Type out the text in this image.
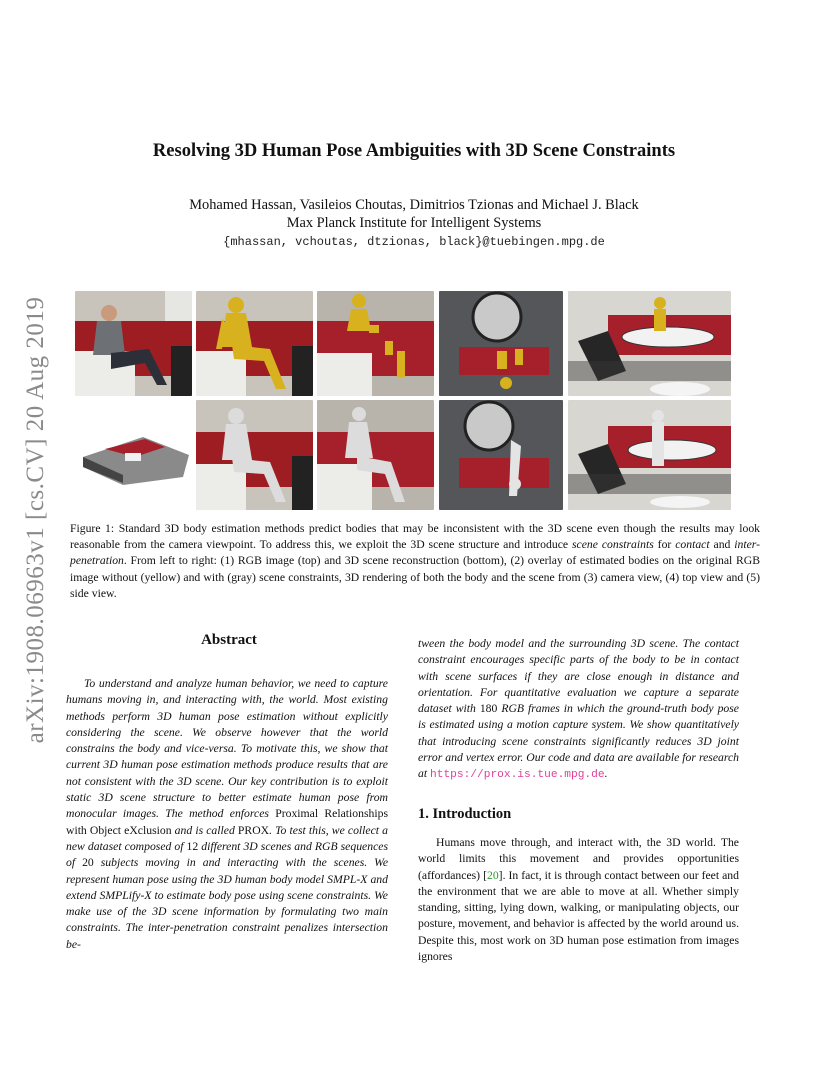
arXiv:1908.06963v1 [cs.CV] 20 Aug 2019
Resolving 3D Human Pose Ambiguities with 3D Scene Constraints
Mohamed Hassan, Vasileios Choutas, Dimitrios Tzionas and Michael J. Black
Max Planck Institute for Intelligent Systems
{mhassan, vchoutas, dtzionas, black}@tuebingen.mpg.de
Figure 1: Standard 3D body estimation methods predict bodies that may be inconsistent with the 3D scene even though the results may look reasonable from the camera viewpoint. To address this, we exploit the 3D scene structure and introduce scene constraints for contact and inter-penetration. From left to right: (1) RGB image (top) and 3D scene reconstruction (bottom), (2) overlay of estimated bodies on the original RGB image without (yellow) and with (gray) scene constraints, 3D rendering of both the body and the scene from (3) camera view, (4) top view and (5) side view.
Abstract
To understand and analyze human behavior, we need to capture humans moving in, and interacting with, the world. Most existing methods perform 3D human pose estimation without explicitly considering the scene. We observe however that the world constrains the body and vice-versa. To motivate this, we show that current 3D human pose estimation methods produce results that are not consistent with the 3D scene. Our key contribution is to exploit static 3D scene structure to better estimate human pose from monocular images. The method enforces Proximal Relationships with Object eXclusion and is called PROX. To test this, we collect a new dataset composed of 12 different 3D scenes and RGB sequences of 20 subjects moving in and interacting with the scenes. We represent human pose using the 3D human body model SMPL-X and extend SMPLify-X to estimate body pose using scene constraints. We make use of the 3D scene information by formulating two main constraints. The inter-penetration constraint penalizes intersection be-
tween the body model and the surrounding 3D scene. The contact constraint encourages specific parts of the body to be in contact with scene surfaces if they are close enough in distance and orientation. For quantitative evaluation we capture a separate dataset with 180 RGB frames in which the ground-truth body pose is estimated using a motion capture system. We show quantitatively that introducing scene constraints significantly reduces 3D joint error and vertex error. Our code and data are available for research at https://prox.is.tue.mpg.de.
1. Introduction
Humans move through, and interact with, the 3D world. The world limits this movement and provides opportunities (affordances) [20]. In fact, it is through contact between our feet and the environment that we are able to move at all. Whether simply standing, sitting, lying down, walking, or manipulating objects, our posture, movement, and behavior is affected by the world around us. Despite this, most work on 3D human pose estimation from images ignores
